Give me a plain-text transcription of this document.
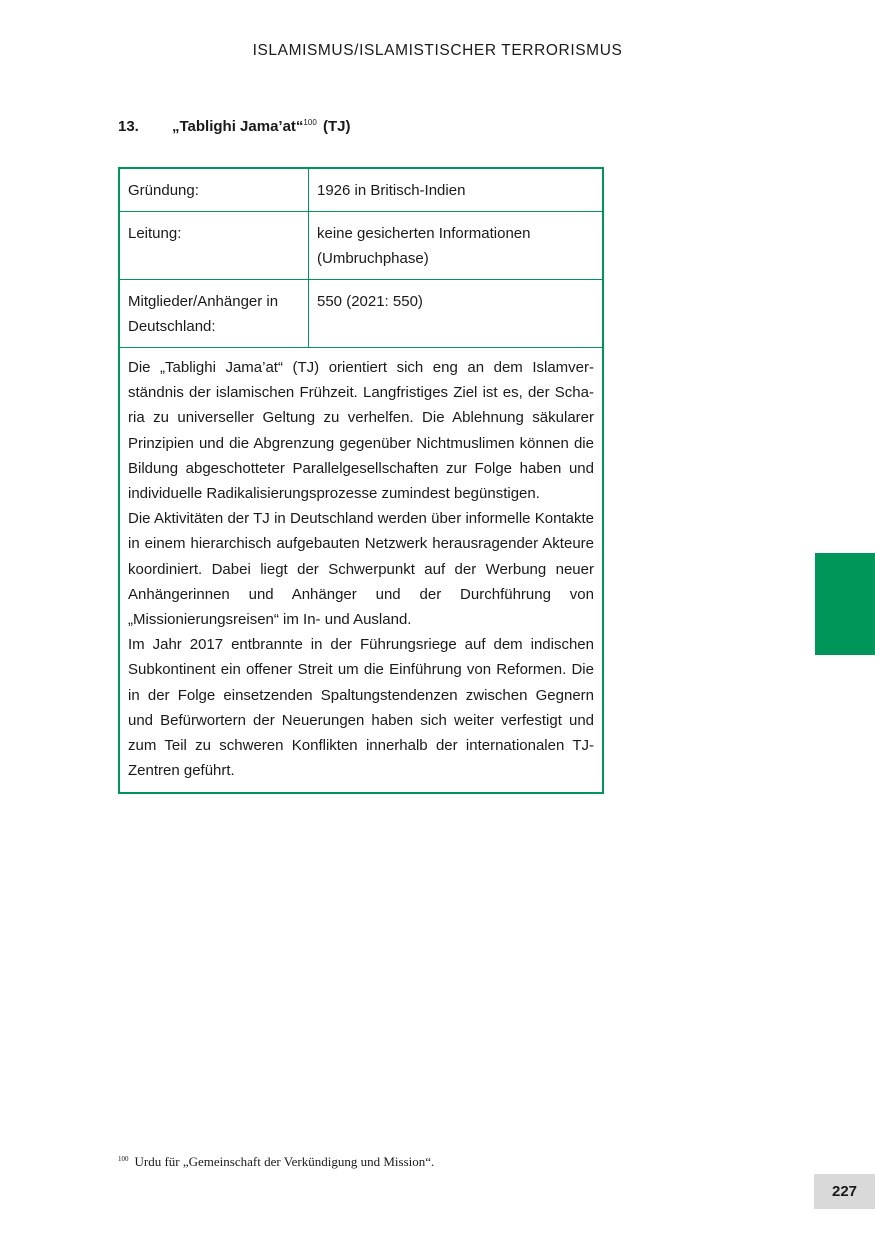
ISLAMISMUS/ISLAMISTISCHER TERRORISMUS
13. „Tablighi Jama’at“$^{100}$ (TJ)
Gründung:	1926 in Britisch-Indien
Leitung:	keine gesicherten Informationen (Umbruchphase)
Mitglieder/Anhänger in Deutschland:	550 (2021: 550)

Die „Tablighi Jama’at“ (TJ) orientiert sich eng an dem Islamverständnis der islamischen Frühzeit. Langfristiges Ziel ist es, der Scharia zu universeller Geltung zu verhelfen. Die Ablehnung säkularer Prinzipien und die Abgrenzung gegenüber Nichtmuslimen können die Bildung abgeschotteter Parallelgesellschaften zur Folge haben und individuelle Radikalisierungsprozesse zumindest begünstigen.

Die Aktivitäten der TJ in Deutschland werden über informelle Kontakte in einem hierarchisch aufgebauten Netzwerk herausragender Akteure koordiniert. Dabei liegt der Schwerpunkt auf der Werbung neuer Anhängerinnen und Anhänger und der Durchführung von „Missionierungsreisen“ im In- und Ausland.

Im Jahr 2017 entbrannte in der Führungsriege auf dem indischen Subkontinent ein offener Streit um die Einführung von Reformen. Die in der Folge einsetzenden Spaltungstendenzen zwischen Gegnern und Befürwortern der Neuerungen haben sich weiter verfestigt und zum Teil zu schweren Konflikten innerhalb der internationalen TJ-Zentren geführt.

$^{100}$ Urdu für „Gemeinschaft der Verkündigung und Mission“.
227
